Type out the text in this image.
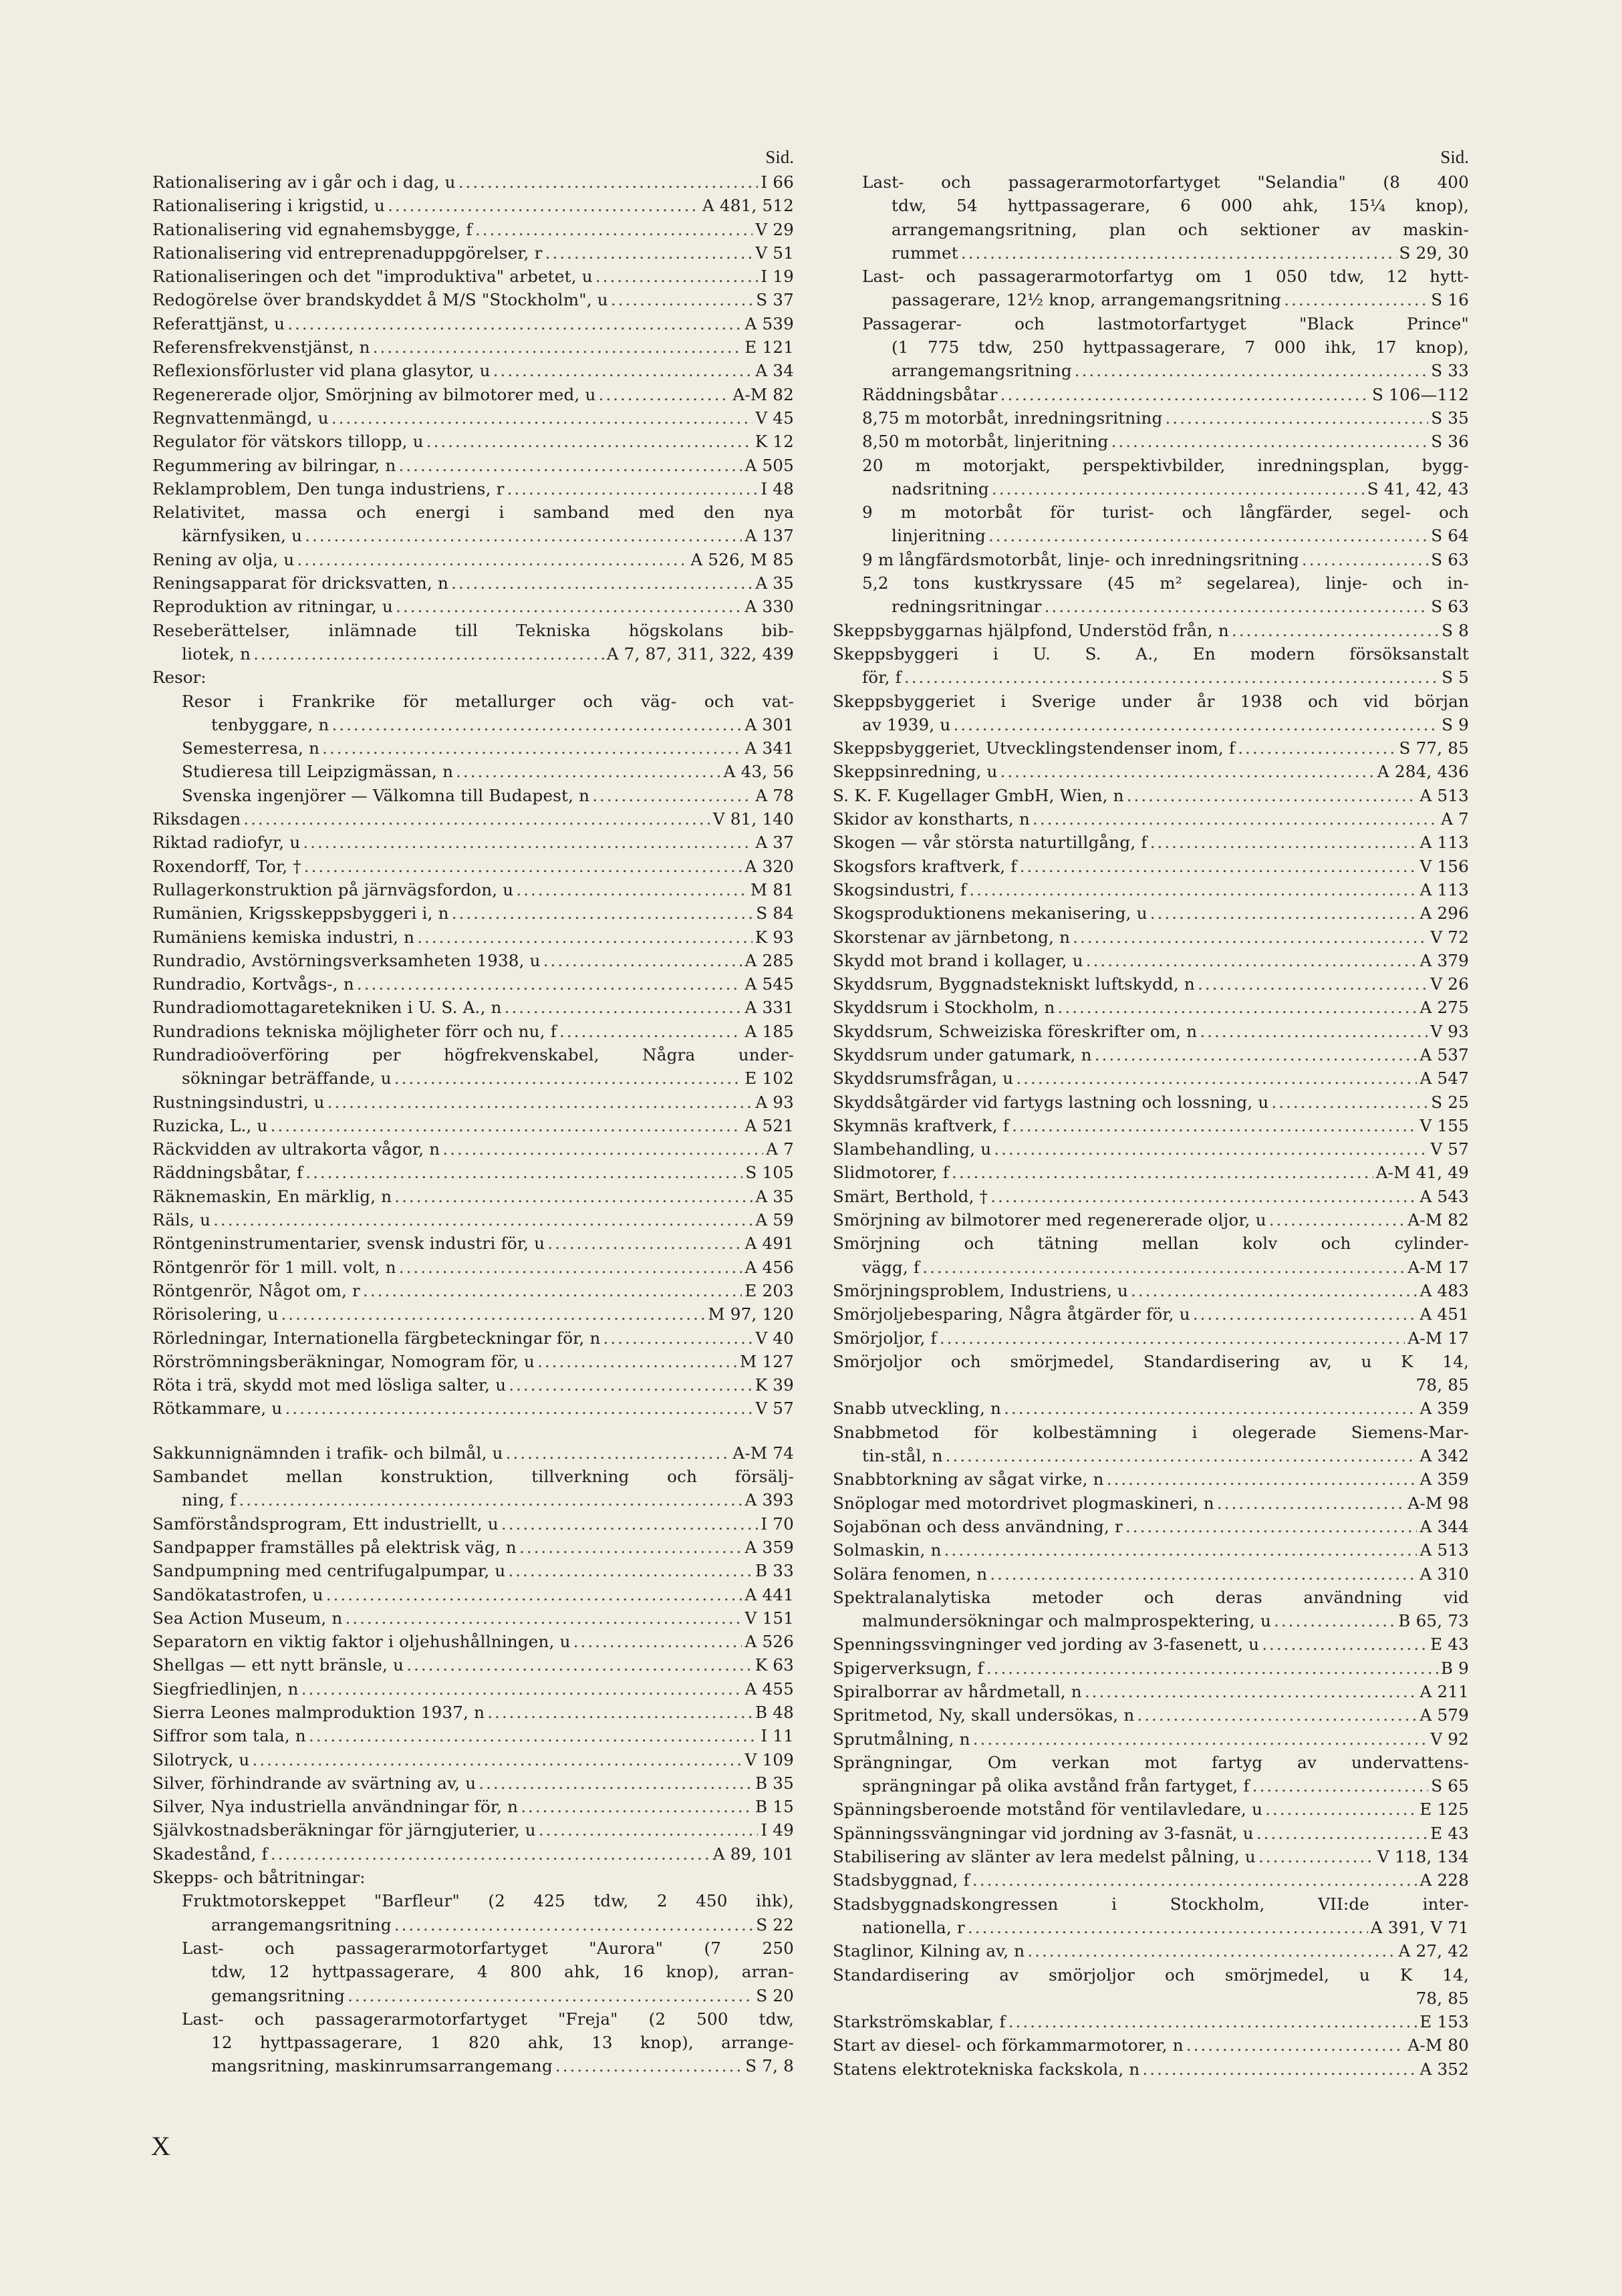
Sid.
Rationalisering av i går och i dag, u .....	I 66
Rationalisering i krigstid, u .....	A 481, 512
Rationalisering vid egnahemsbygge, f .....	V 29
Rationalisering vid entreprenaduppgörelser, r .....	V 51
Rationaliseringen och det "improduktiva" arbetet, u .....	I 19
Redogörelse över brandskyddet å M/S "Stockholm", u .....	S 37
Referattjänst, u .....	A 539
Referensfrekvenstjänst, n .....	E 121
Reflexionsförluster vid plana glasytor, u .....	A 34
Regenererade oljor, Smörjning av bilmotorer med, u .....	A-M 82
Regnvattenmängd, u .....	V 45
Regulator för vätskors tillopp, u .....	K 12
Regummering av bilringar, n .....	A 505
Reklamproblem, Den tunga industriens, r .....	I 48
Relativitet, massa och energi i samband med den nya
kärnfysiken, u .....	A 137
Rening av olja, u .....	A 526, M 85
Reningsapparat för dricksvatten, n .....	A 35
Reproduktion av ritningar, u .....	A 330
Reseberättelser, inlämnade till Tekniska högskolans bib-
liotek, n .....	A 7, 87, 311, 322, 439
Resor:
Resor i Frankrike för metallurger och väg- och vat-
tenbyggare, n .....	A 301
Semesterresa, n .....	A 341
Studieresa till Leipzigmässan, n .....	A 43, 56
Svenska ingenjörer — Välkomna till Budapest, n .....	A 78
Riksdagen .....	V 81, 140
Riktad radiofyr, u .....	A 37
Roxendorff, Tor, † .....	A 320
Rullagerkonstruktion på järnvägsfordon, u .....	M 81
Rumänien, Krigsskeppsbyggeri i, n .....	S 84
Rumäniens kemiska industri, n .....	K 93
Rundradio, Avstörningsverksamheten 1938, u .....	A 285
Rundradio, Kortvågs-, n .....	A 545
Rundradiomottagaretekniken i U. S. A., n .....	A 331
Rundradions tekniska möjligheter förr och nu, f .....	A 185
Rundradioöverföring per högfrekvenskabel, Några under-
sökningar beträffande, u .....	E 102
Rustningsindustri, u .....	A 93
Ruzicka, L., u .....	A 521
Räckvidden av ultrakorta vågor, n .....	A 7
Räddningsbåtar, f .....	S 105
Räknemaskin, En märklig, n .....	A 35
Räls, u .....	A 59
Röntgeninstrumentarier, svensk industri för, u .....	A 491
Röntgenrör för 1 mill. volt, n .....	A 456
Röntgenrör, Något om, r .....	E 203
Rörisolering, u .....	M 97, 120
Rörledningar, Internationella färgbeteckningar för, n .....	V 40
Rörströmningsberäkningar, Nomogram för, u .....	M 127
Röta i trä, skydd mot med lösliga salter, u .....	K 39
Rötkammare, u .....	V 57
Sakkunnignämnden i trafik- och bilmål, u .....	A-M 74
Sambandet mellan konstruktion, tillverkning och försälj-
ning, f .....	A 393
Samförståndsprogram, Ett industriellt, u .....	I 70
Sandpapper framställes på elektrisk väg, n .....	A 359
Sandpumpning med centrifugalpumpar, u .....	B 33
Sandökatastrofen, u .....	A 441
Sea Action Museum, n .....	V 151
Separatorn en viktig faktor i oljehushållningen, u .....	A 526
Shellgas — ett nytt bränsle, u .....	K 63
Siegfriedlinjen, n .....	A 455
Sierra Leones malmproduktion 1937, n .....	B 48
Siffror som tala, n .....	I 11
Silotryck, u .....	V 109
Silver, förhindrande av svärtning av, u .....	B 35
Silver, Nya industriella användningar för, n .....	B 15
Självkostnadsberäkningar för järngjuterier, u .....	I 49
Skadestånd, f .....	A 89, 101
Skepps- och båtritningar:
Fruktmotorskeppet "Barfleur" (2 425 tdw, 2 450 ihk),
arrangemangsritning .....	S 22
Last- och passagerarmotorfartyget "Aurora" (7 250
tdw, 12 hyttpassagerare, 4 800 ahk, 16 knop), arran-
gemangsritning .....	S 20
Last- och passagerarmotorfartyget "Freja" (2 500 tdw,
12 hyttpassagerare, 1 820 ahk, 13 knop), arrange-
mangsritning, maskinrumsarrangemang .....	S 7, 8
Sid.
Last- och passagerarmotorfartyget "Selandia" (8 400
tdw, 54 hyttpassagerare, 6 000 ahk, 15¼ knop),
arrangemangsritning, plan och sektioner av maskin-
rummet .....	S 29, 30
Last- och passagerarmotorfartyg om 1 050 tdw, 12 hytt-
passagerare, 12½ knop, arrangemangsritning .....	S 16
Passagerar- och lastmotorfartyget "Black Prince"
(1 775 tdw, 250 hyttpassagerare, 7 000 ihk, 17 knop),
arrangemangsritning .....	S 33
Räddningsbåtar .....	S 106—112
8,75 m motorbåt, inredningsritning .....	S 35
8,50 m motorbåt, linjeritning .....	S 36
20 m motorjakt, perspektivbilder, inredningsplan, bygg-
nadsritning .....	S 41, 42, 43
9 m motorbåt för turist- och långfärder, segel- och
linjeritning .....	S 64
9 m långfärdsmotorbåt, linje- och inredningsritning .....	S 63
5,2 tons kustkryssare (45 m² segelarea), linje- och in-
redningsritningar .....	S 63
Skeppsbyggarnas hjälpfond, Understöd från, n .....	S 8
Skeppsbyggeri i U. S. A., En modern försöksanstalt
för, f .....	S 5
Skeppsbyggeriet i Sverige under år 1938 och vid början
av 1939, u .....	S 9
Skeppsbyggeriet, Utvecklingstendenser inom, f .....	S 77, 85
Skeppsinredning, u .....	A 284, 436
S. K. F. Kugellager GmbH, Wien, n .....	A 513
Skidor av konstharts, n .....	A 7
Skogen — vår största naturtillgång, f .....	A 113
Skogsfors kraftverk, f .....	V 156
Skogsindustri, f .....	A 113
Skogsproduktionens mekanisering, u .....	A 296
Skorstenar av järnbetong, n .....	V 72
Skydd mot brand i kollager, u .....	A 379
Skyddsrum, Byggnadstekniskt luftskydd, n .....	V 26
Skyddsrum i Stockholm, n .....	A 275
Skyddsrum, Schweiziska föreskrifter om, n .....	V 93
Skyddsrum under gatumark, n .....	A 537
Skyddsrumsfrågan, u .....	A 547
Skyddsåtgärder vid fartygs lastning och lossning, u .....	S 25
Skymnäs kraftverk, f .....	V 155
Slambehandling, u .....	V 57
Slidmotorer, f .....	A-M 41, 49
Smärt, Berthold, † .....	A 543
Smörjning av bilmotorer med regenererade oljor, u .....	A-M 82
Smörjning och tätning mellan kolv och cylinder-
vägg, f .....	A-M 17
Smörjningsproblem, Industriens, u .....	A 483
Smörjoljebesparing, Några åtgärder för, u .....	A 451
Smörjoljor, f .....	A-M 17
Smörjoljor och smörjmedel, Standardisering av, u K 14,
78, 85
Snabb utveckling, n .....	A 359
Snabbmetod för kolbestämning i olegerade Siemens-Mar-
tin-stål, n .....	A 342
Snabbtorkning av sågat virke, n .....	A 359
Snöplogar med motordrivet plogmaskineri, n .....	A-M 98
Sojabönan och dess användning, r .....	A 344
Solmaskin, n .....	A 513
Solära fenomen, n .....	A 310
Spektralanalytiska metoder och deras användning vid
malmundersökningar och malmprospektering, u .....	B 65, 73
Spenningssvingninger ved jording av 3-fasenett, u .....	E 43
Spigerverksugn, f .....	B 9
Spiralborrar av hårdmetall, n .....	A 211
Spritmetod, Ny, skall undersökas, n .....	A 579
Sprutmålning, n .....	V 92
Sprängningar, Om verkan mot fartyg av undervattens-
sprängningar på olika avstånd från fartyget, f .....	S 65
Spänningsberoende motstånd för ventilavledare, u .....	E 125
Spänningssvängningar vid jordning av 3-fasnät, u .....	E 43
Stabilisering av slänter av lera medelst pålning, u .....	V 118, 134
Stadsbyggnad, f .....	A 228
Stadsbyggnadskongressen i Stockholm, VII:de inter-
nationella, r .....	A 391, V 71
Staglinor, Kilning av, n .....	A 27, 42
Standardisering av smörjoljor och smörjmedel, u K 14,
78, 85
Starkströmskablar, f .....	E 153
Start av diesel- och förkammarmotorer, n .....	A-M 80
Statens elektrotekniska fackskola, n .....	A 352
X
